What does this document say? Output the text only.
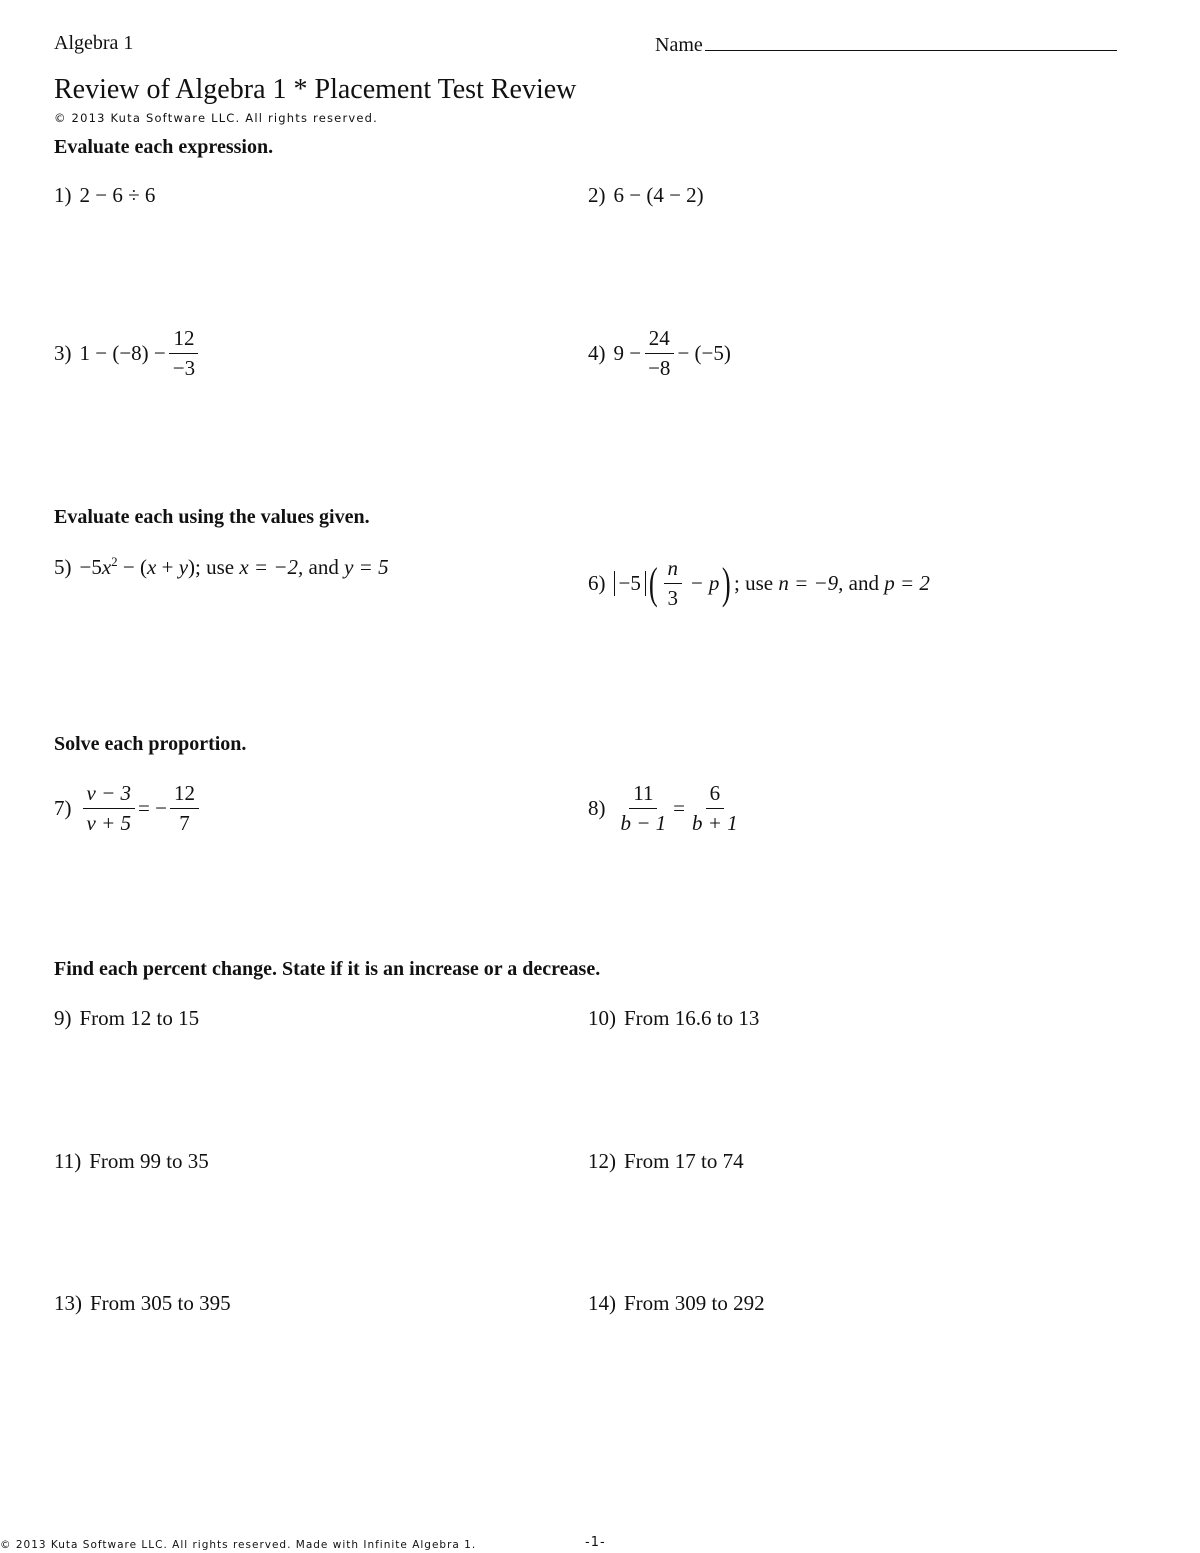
Algebra 1	Name
Review of Algebra 1 * Placement Test Review
© 2013 Kuta Software LLC. All rights reserved.
Evaluate each expression.
1) 2 − 6 ÷ 6	2) 6 − (4 − 2)
3) $1 - (-8) - \frac{12}{-3}$	4) $9 - \frac{24}{-8} - (-5)$
Evaluate each using the values given.
$5) -5x^2 - (x + y)$; use x = −2, and y = 5
6) −5 ( $\frac{n}{3} - p$ ) ; use
n = −9,
and
p = 2
Solve each proportion.
$7) \frac{v - 3}{v + 5}$ = − $\frac{12}{7}$	$8) \frac{11}{b - 1} = \frac{6}{b + 1}$
Find each percent change. State if it is an increase or a decrease.
9) From 12 to 15	10) From 16.6 to 13
11) From 99 to 35	12) From 17 to 74
13) From 305 to 395	14) From 309 to 292
© 2013 Kuta Software LLC. All rights reserved. Made with Infinite Algebra 1.	-1-
